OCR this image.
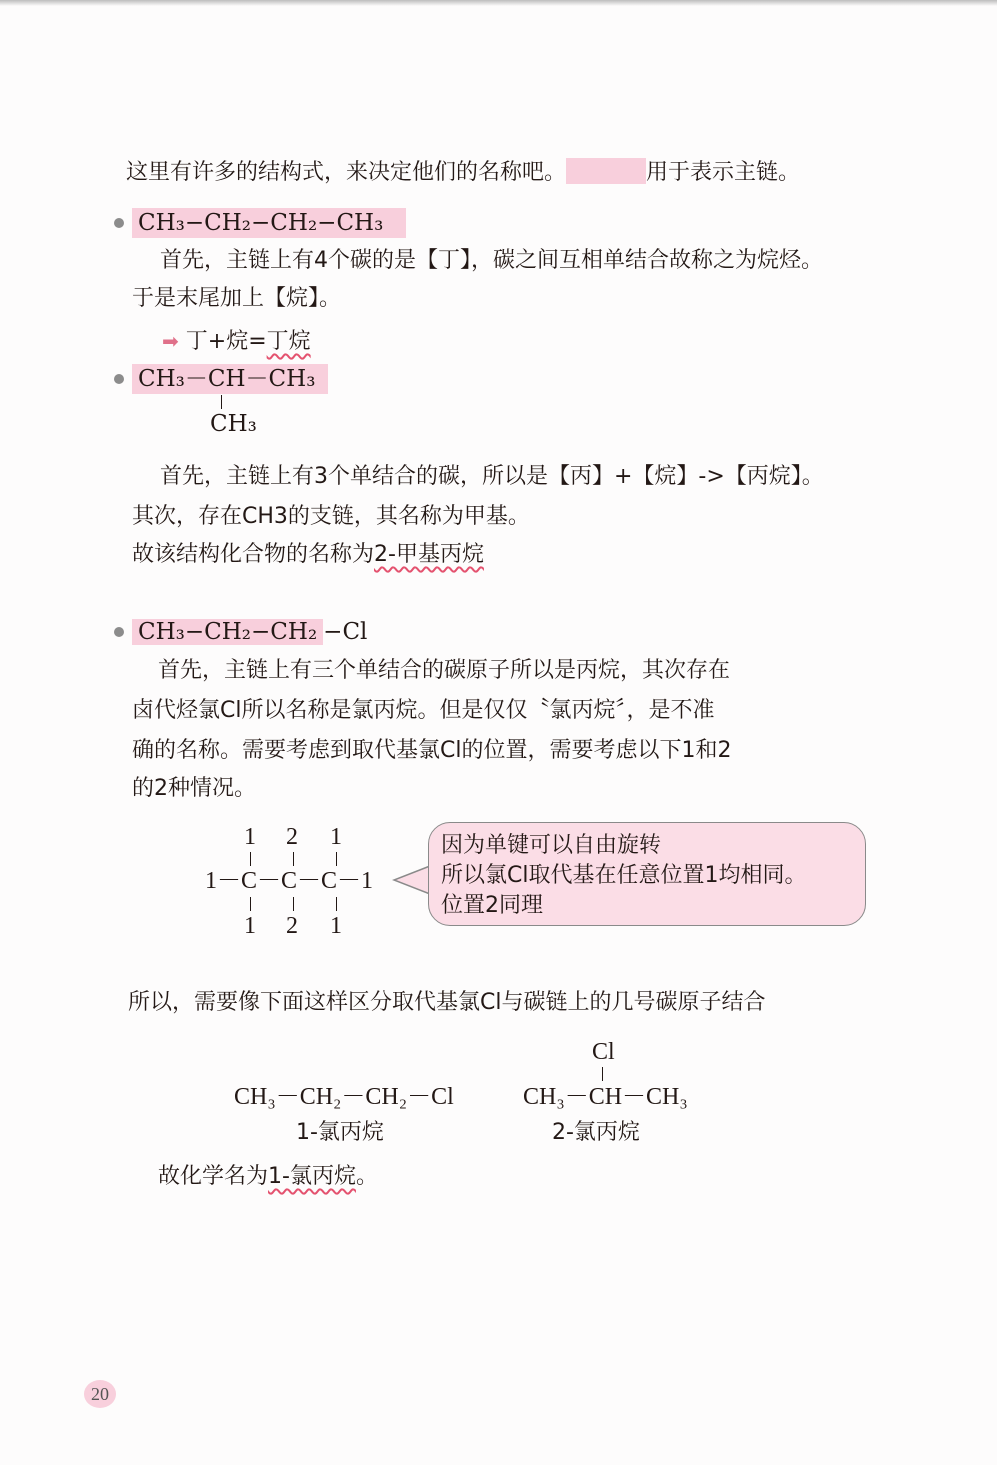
这里有许多的结构式，来决定他们的名称吧。	用于表示主链。
CH₃−CH₂−CH₂−CH₃
首先，主链上有4个碳的是【丁】，碳之间互相单结合故称之为烷烃。
于是末尾加上【烷】。
➡ 丁+烷=丁烷
CH₃－CH－CH₃
CH₃
首先，主链上有3个单结合的碳，所以是【丙】+【烷】->【丙烷】。
其次，存在CH3的支链，其名称为甲基。
故该结构化合物的名称为2-甲基丙烷
CH₃−CH₂−CH₂ −Cl
首先，主链上有三个单结合的碳原子所以是丙烷，其次存在
卤代烃氯Cl所以名称是氯丙烷。但是仅仅〝氯丙烷〞，是不准
确的名称。需要考虑到取代基氯Cl的位置，需要考虑以下1和2
的2种情况。
1 2 1
1－C－C－C－1
1 2 1
因为单键可以自由旋转
所以氯Cl取代基在任意位置1均相同。
位置2同理
所以，需要像下面这样区分取代基氯Cl与碳链上的几号碳原子结合
Cl
CH₃－CH₂－CH₂－Cl	CH₃－CH－CH₃
1-氯丙烷	2-氯丙烷
故化学名为1-氯丙烷。
20
